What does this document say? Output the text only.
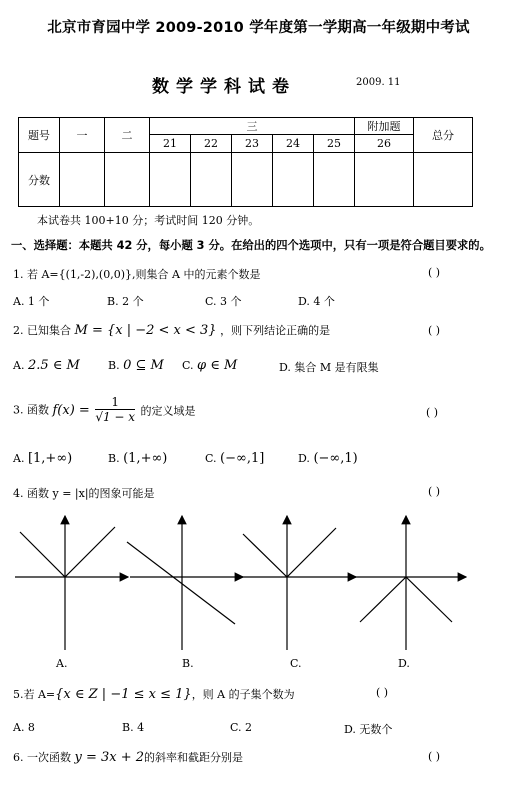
北京市育园中学 2009-2010 学年度第一学期高一年级期中考试
数学学科试卷	2009. 11
题号	一	二	三					附加题	总分
			21	22	23	24	25	26	
分数									
本试卷共 100+10 分；考试时间 120 分钟。
一、选择题：本题共 42 分，每小题 3 分。在给出的四个选项中，只有一项是符合题目要求的。
1. 若 A={(1,-2),(0,0)},则集合 A 中的元素个数是	( )
A. 1 个	B. 2 个	C. 3 个	D. 4 个
2. 已知集合 M = {x | −2 < x < 3} ，则下列结论正确的是	( )
A. 2.5 ∈ M	B. 0 ⊆ M C. φ ∈ M	D. 集合 M 是有限集
3. 函数 $f(x) = \frac{1}{√1 - x}$ 的定义域是	( )
A. [1,+∞)	B. (1,+∞)	C. (−∞,1]	D. (−∞,1)
4. 函数 y = |x|的图象可能是	( )
A.	B.	C.	D.
5.若 A={x ∈ Z | −1 ≤ x ≤ 1}，则 A 的子集个数为	( )
A. 8	B. 4	C. 2	D. 无数个
6. 一次函数 y = 3x + 2的斜率和截距分别是	( )
